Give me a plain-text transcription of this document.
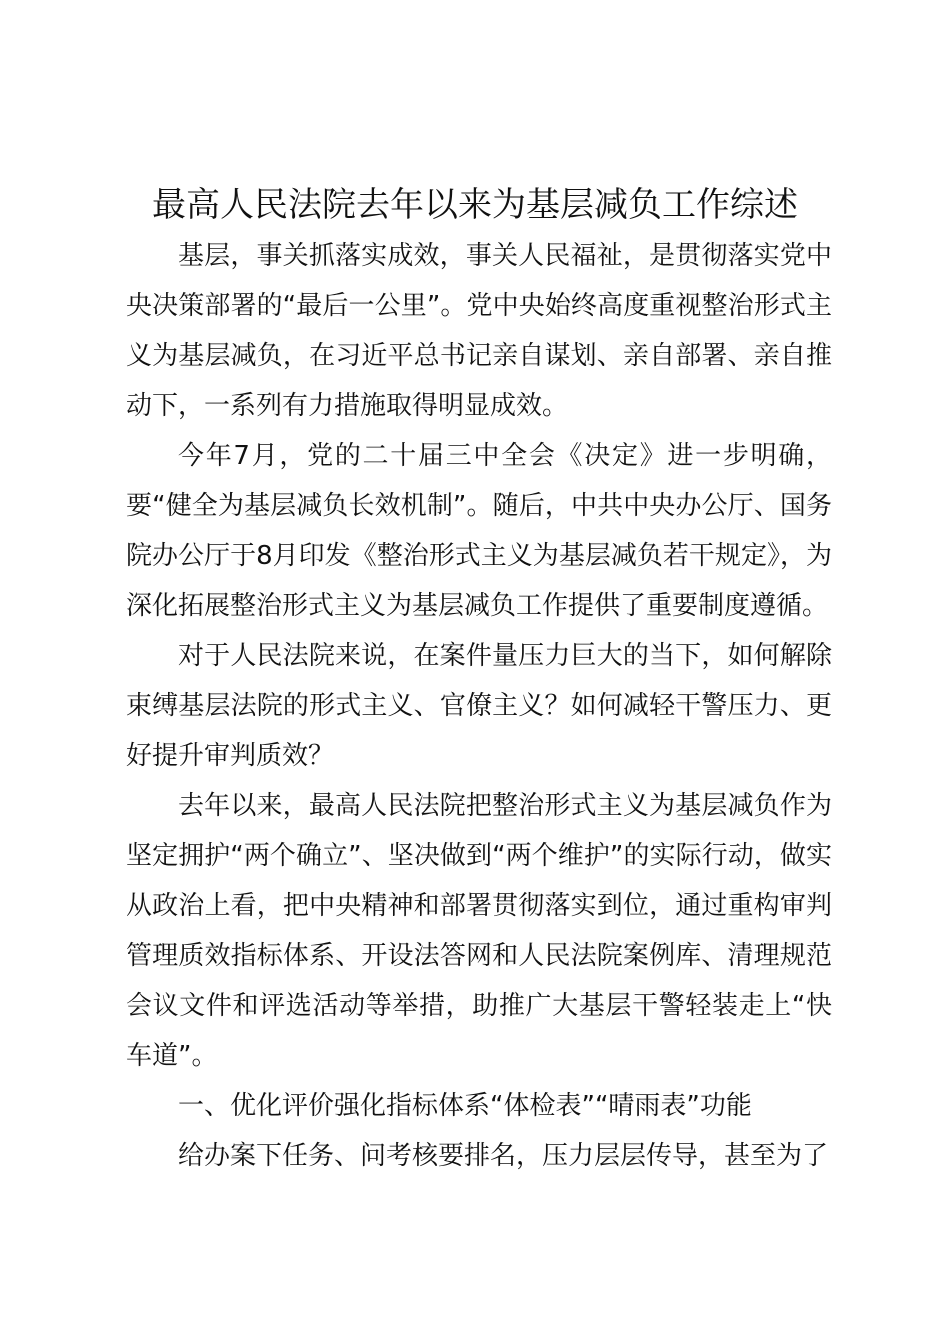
最高人民法院去年以来为基层减负工作综述

基层，事关抓落实成效，事关人民福祉，是贯彻落实党中央决策部署的“最后一公里”。党中央始终高度重视整治形式主义为基层减负，在习近平总书记亲自谋划、亲自部署、亲自推动下，一系列有力措施取得明显成效。

今年7月，党的二十届三中全会《决定》进一步明确，要“健全为基层减负长效机制”。随后，中共中央办公厅、国务院办公厅于8月印发《整治形式主义为基层减负若干规定》，为深化拓展整治形式主义为基层减负工作提供了重要制度遵循。

对于人民法院来说，在案件量压力巨大的当下，如何解除束缚基层法院的形式主义、官僚主义？如何减轻干警压力、更好提升审判质效？

去年以来，最高人民法院把整治形式主义为基层减负作为坚定拥护“两个确立”、坚决做到“两个维护”的实际行动，做实从政治上看，把中央精神和部署贯彻落实到位，通过重构审判管理质效指标体系、开设法答网和人民法院案例库、清理规范会议文件和评选活动等举措，助推广大基层干警轻装走上“快车道”。

一、优化评价强化指标体系“体检表”“晴雨表”功能

给办案下任务、问考核要排名，压力层层传导，甚至为了
